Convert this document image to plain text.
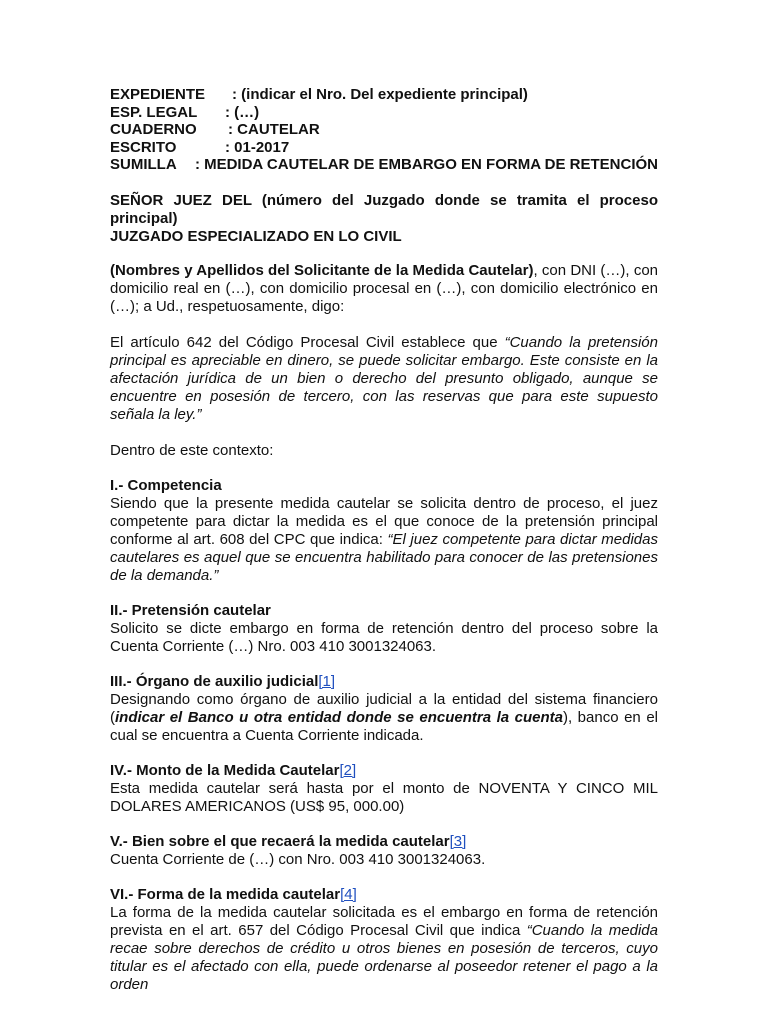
EXPEDIENTE	: (indicar el Nro. Del expediente principal)
ESP. LEGAL	: (…)
CUADERNO	: CAUTELAR
ESCRITO	: 01-2017
SUMILLA	: MEDIDA CAUTELAR DE EMBARGO EN FORMA DE RETENCIÓN

SEÑOR JUEZ DEL (número del Juzgado donde se tramita el proceso principal)

JUZGADO ESPECIALIZADO EN LO CIVIL

(Nombres y Apellidos del Solicitante de la Medida Cautelar), con DNI (…), con domicilio real en (…), con domicilio procesal en (…), con domicilio electrónico en (…); a Ud., respetuosamente, digo:

El artículo 642 del Código Procesal Civil establece que “Cuando la pretensión principal es apreciable en dinero, se puede solicitar embargo. Este consiste en la afectación jurídica de un bien o derecho del presunto obligado, aunque se encuentre en posesión de tercero, con las reservas que para este supuesto señala la ley.”

Dentro de este contexto:

I.- Competencia

Siendo que la presente medida cautelar se solicita dentro de proceso, el juez competente para dictar la medida es el que conoce de la pretensión principal conforme al art. 608 del CPC que indica: “El juez competente para dictar medidas cautelares es aquel que se encuentra habilitado para conocer de las pretensiones de la demanda.”

II.- Pretensión cautelar

Solicito se dicte embargo en forma de retención dentro del proceso sobre la Cuenta Corriente (…) Nro. 003 410 3001324063.

III.- Órgano de auxilio judicial[1]

Designando como órgano de auxilio judicial a la entidad del sistema financiero (indicar el Banco u otra entidad donde se encuentra la cuenta), banco en el cual se encuentra a Cuenta Corriente indicada.

IV.- Monto de la Medida Cautelar[2]

Esta medida cautelar será hasta por el monto de NOVENTA Y CINCO MIL DOLARES AMERICANOS (US$ 95, 000.00)

V.- Bien sobre el que recaerá la medida cautelar[3]

Cuenta Corriente de (…) con Nro. 003 410 3001324063.

VI.- Forma de la medida cautelar[4]

La forma de la medida cautelar solicitada es el embargo en forma de retención prevista en el art. 657 del Código Procesal Civil que indica “Cuando la medida recae sobre derechos de crédito u otros bienes en posesión de terceros, cuyo titular es el afectado con ella, puede ordenarse al poseedor retener el pago a la orden
